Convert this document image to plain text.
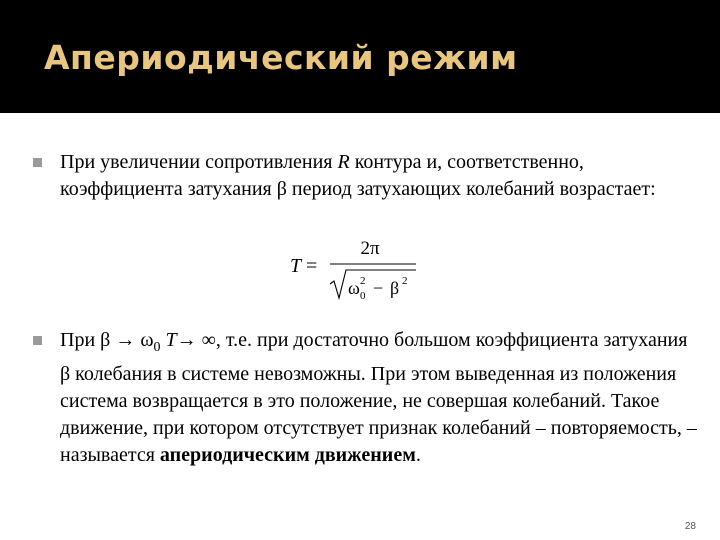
Апериодический режим
При увеличении сопротивления R контура и, соответственно, коэффициента затухания β период затухающих колебаний возрастает:
T =
2π
ω 2
0 − β 2
При $\beta \to \omega_0$ T→ ∞, т.е. при достаточно большом коэффициента затухания β колебания в системе невозможны. При этом выведенная из положения система возвращается в это положение, не совершая колебаний. Такое движение, при котором отсутствует признак колебаний – повторяемость, – называется апериодическим движением.
28
